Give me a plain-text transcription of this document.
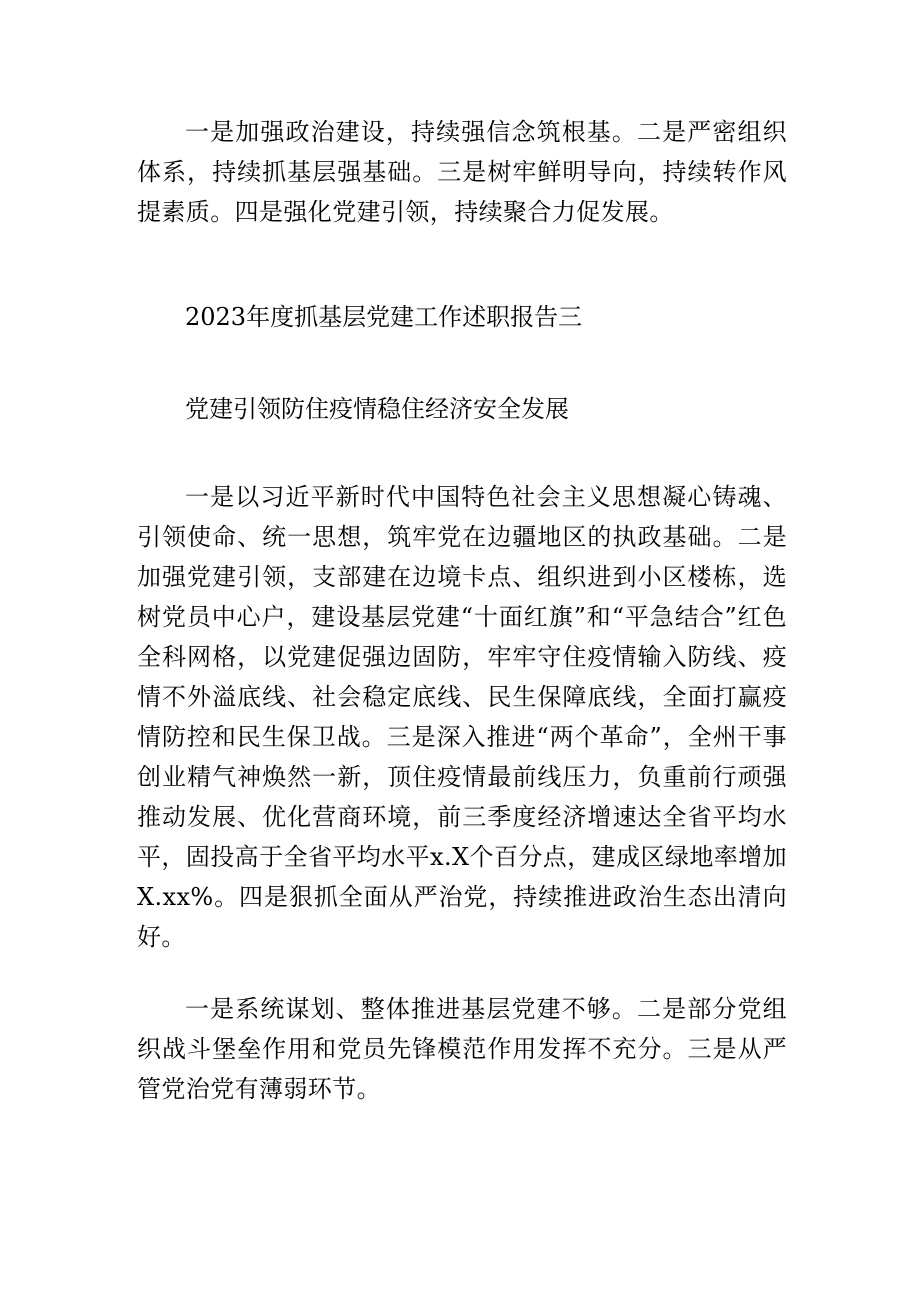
一是加强政治建设，持续强信念筑根基。二是严密组织体系，持续抓基层强基础。三是树牢鲜明导向，持续转作风提素质。四是强化党建引领，持续聚合力促发展。

2023年度抓基层党建工作述职报告三

党建引领防住疫情稳住经济安全发展

一是以习近平新时代中国特色社会主义思想凝心铸魂、引领使命、统一思想，筑牢党在边疆地区的执政基础。二是加强党建引领，支部建在边境卡点、组织进到小区楼栋，选树党员中心户，建设基层党建“十面红旗”和“平急结合”红色全科网格，以党建促强边固防，牢牢守住疫情输入防线、疫情不外溢底线、社会稳定底线、民生保障底线，全面打赢疫情防控和民生保卫战。三是深入推进“两个革命”，全州干事创业精气神焕然一新，顶住疫情最前线压力，负重前行顽强推动发展、优化营商环境，前三季度经济增速达全省平均水平，固投高于全省平均水平x.X个百分点，建成区绿地率增加X.xx%。四是狠抓全面从严治党，持续推进政治生态出清向好。

一是系统谋划、整体推进基层党建不够。二是部分党组织战斗堡垒作用和党员先锋模范作用发挥不充分。三是从严管党治党有薄弱环节。
